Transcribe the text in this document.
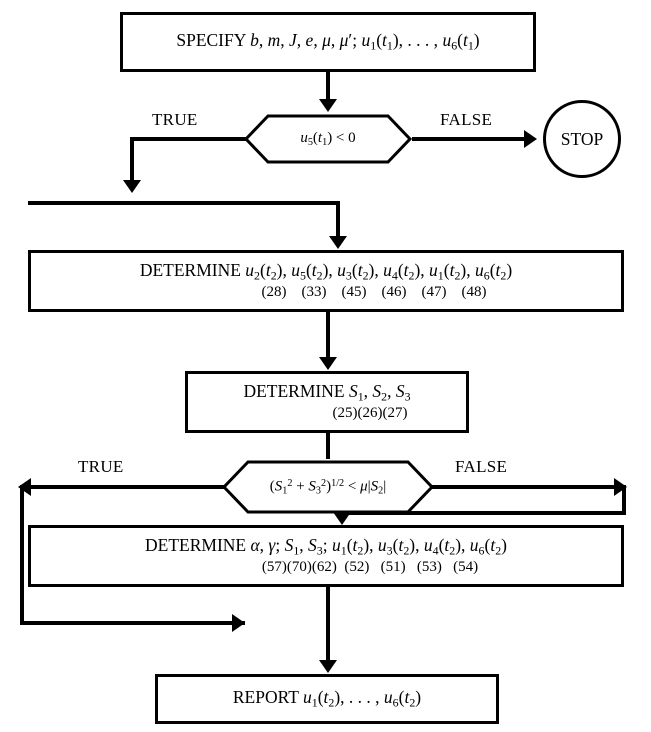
SPECIFY b, m, J, e, μ, μ′; $u_1(t_1)$, . . . , $u_6(t_1)$
$u_5(t_1) < 0$
TRUE	FALSE
STOP
DETERMINE $u_2(t_2)$, $u_5(t_2)$, $u_3(t_2)$, $u_4(t_2)$, $u_1(t_2)$, $u_6(t_2)$
(28)    (33)    (45)    (46)    (47)    (48)
DETERMINE $S_1$, $S_2$, $S_3$
(25)(26)(27)
$(S_1^2 + S_3^2)^{1/2} < \mu|S_2|$
TRUE	FALSE
DETERMINE α, γ; $S_1$, $S_3$; $u_1(t_2)$, $u_3(t_2)$, $u_4(t_2)$, $u_6(t_2)$
(57)(70)(62)  (52)   (51)   (53)   (54)
REPORT $u_1(t_2)$, . . . , $u_6(t_2)$
